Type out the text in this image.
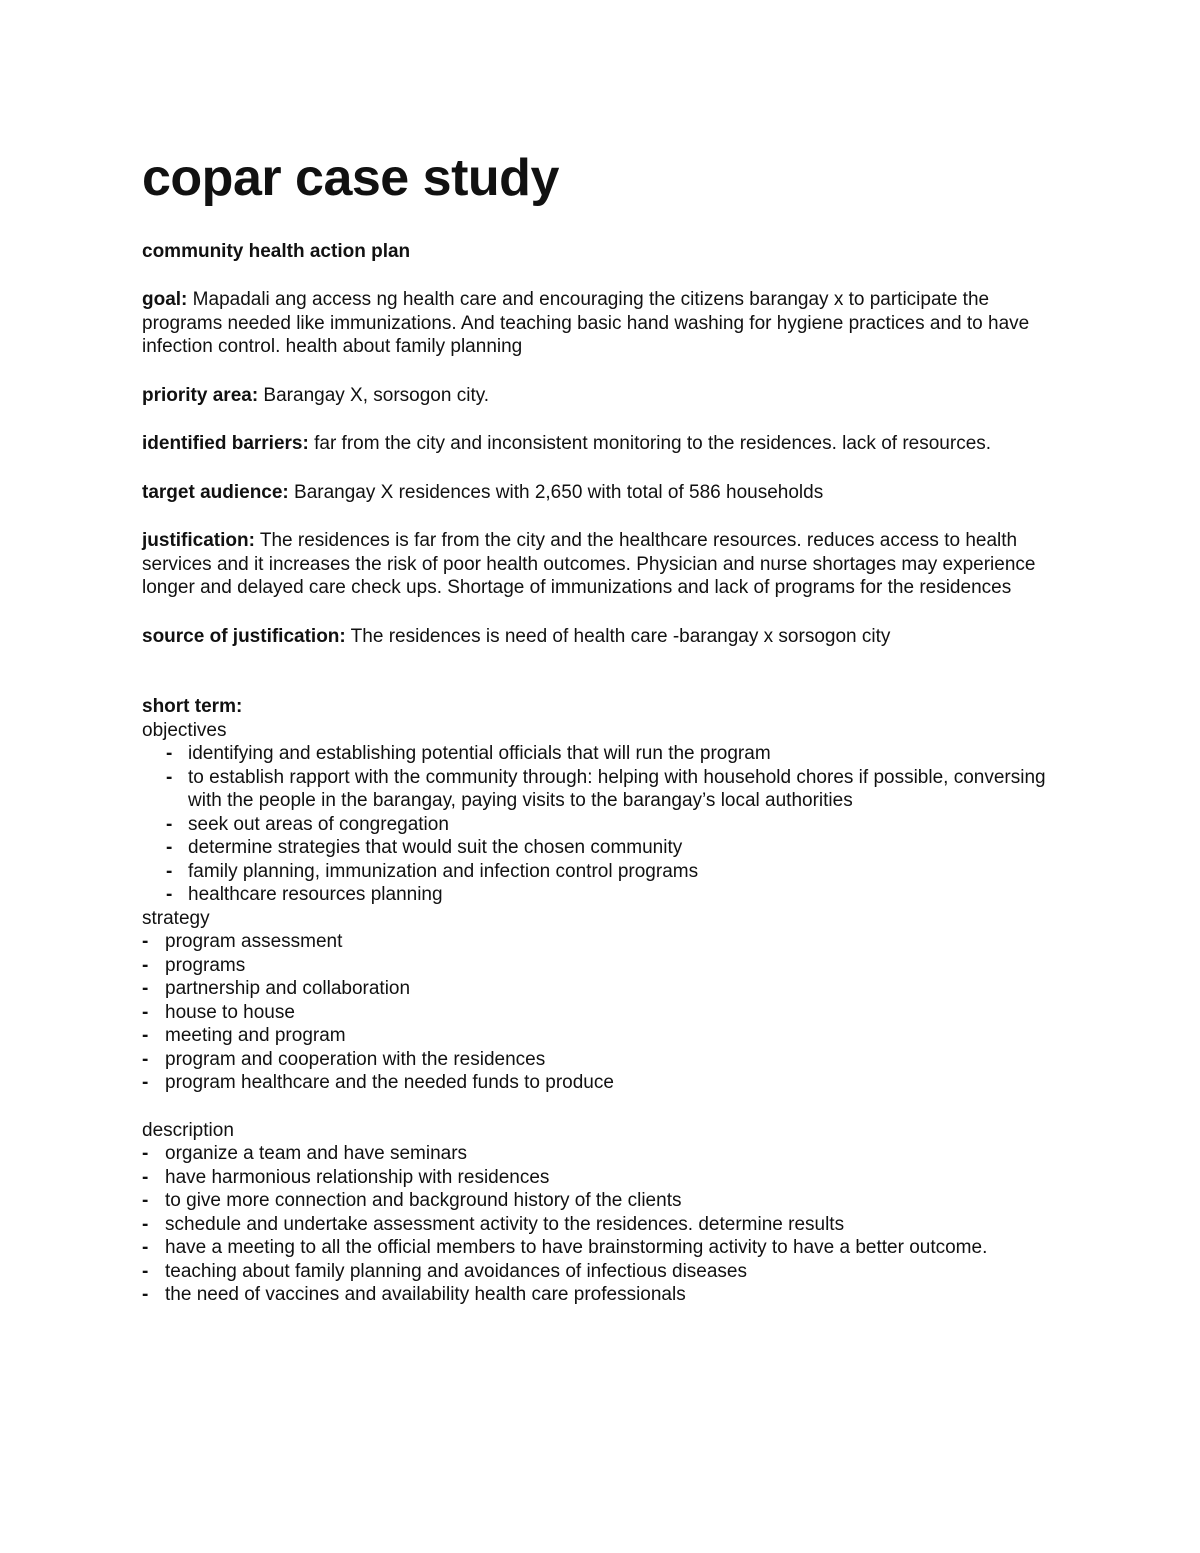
copar case study

community health action plan

goal: Mapadali ang access ng health care and encouraging the citizens barangay x to participate the programs needed like immunizations. And teaching basic hand washing for hygiene practices and to have infection control. health about family planning

priority area: Barangay X, sorsogon city.

identified barriers: far from the city and inconsistent monitoring to the residences. lack of resources.

target audience: Barangay X residences with 2,650 with total of 586 households

justification: The residences is far from the city and the healthcare resources. reduces access to health services and it increases the risk of poor health outcomes. Physician and nurse shortages may experience longer and delayed care check ups. Shortage of immunizations and lack of programs for the residences

source of justification: The residences is need of health care -barangay x sorsogon city

short term:

objectives

- identifying and establishing potential officials that will run the program
- to establish rapport with the community through: helping with household chores if possible, conversing with the people in the barangay, paying visits to the barangay’s local authorities
- seek out areas of congregation
- determine strategies that would suit the chosen community
- family planning, immunization and infection control programs
- healthcare resources planning

strategy

- program assessment
- programs
- partnership and collaboration
- house to house
- meeting and program
- program and cooperation with the residences
- program healthcare and the needed funds to produce

description

- organize a team and have seminars
- have harmonious relationship with residences
- to give more connection and background history of the clients
- schedule and undertake assessment activity to the residences. determine results
- have a meeting to all the official members to have brainstorming activity to have a better outcome.
- teaching about family planning and avoidances of infectious diseases
- the need of vaccines and availability health care professionals
